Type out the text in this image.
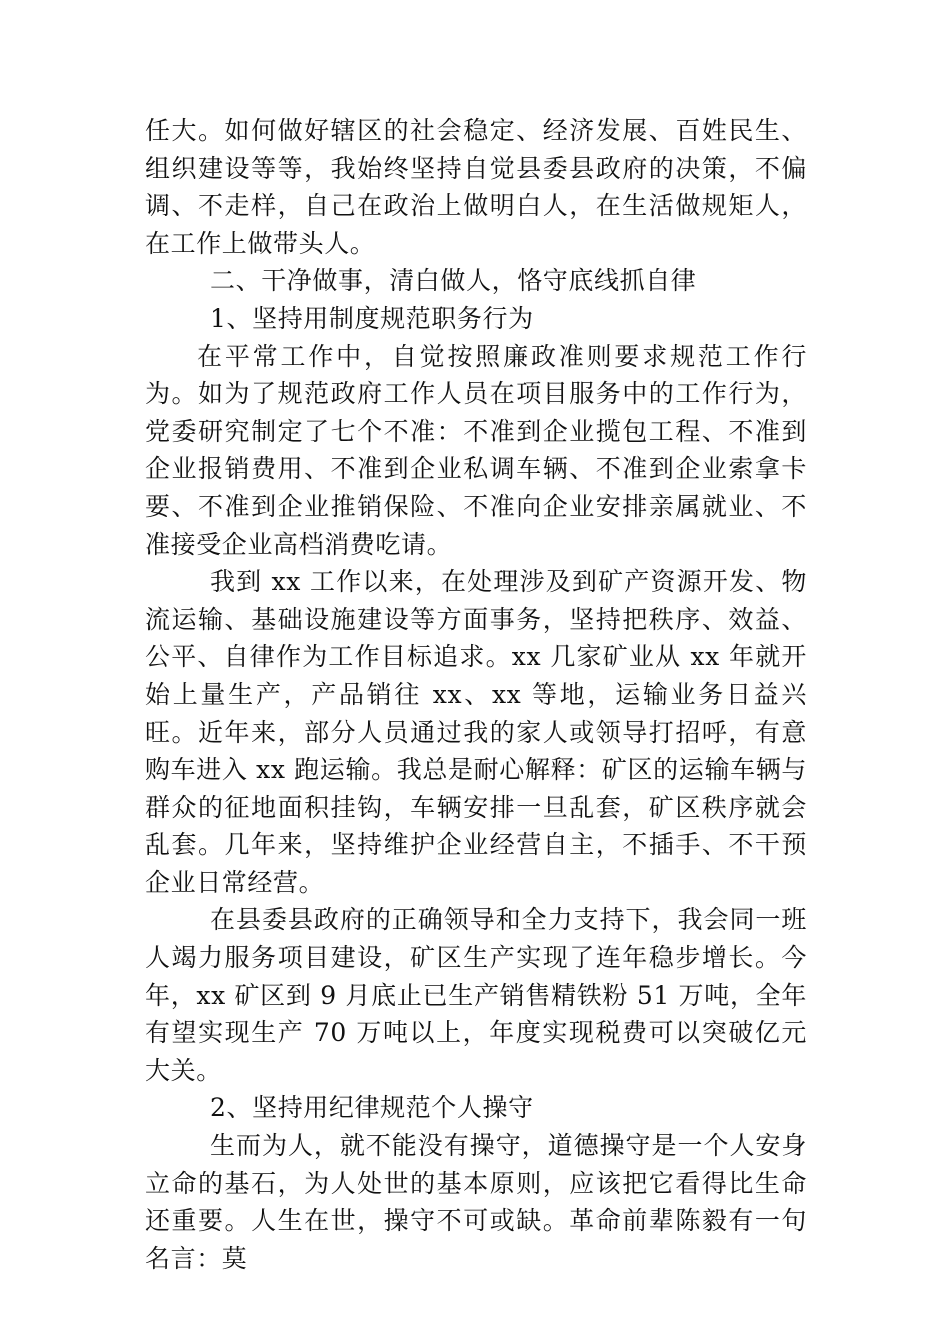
任大。如何做好辖区的社会稳定、经济发展、百姓民生、组织建设等等，我始终坚持自觉县委县政府的决策，不偏调、不走样，自己在政治上做明白人，在生活做规矩人，在工作上做带头人。

二、干净做事，清白做人，恪守底线抓自律

1、坚持用制度规范职务行为

在平常工作中，自觉按照廉政准则要求规范工作行为。如为了规范政府工作人员在项目服务中的工作行为，党委研究制定了七个不准：不准到企业揽包工程、不准到企业报销费用、不准到企业私调车辆、不准到企业索拿卡要、不准到企业推销保险、不准向企业安排亲属就业、不准接受企业高档消费吃请。

我到 xx 工作以来，在处理涉及到矿产资源开发、物流运输、基础设施建设等方面事务，坚持把秩序、效益、公平、自律作为工作目标追求。xx 几家矿业从 xx 年就开始上量生产，产品销往 xx、xx 等地，运输业务日益兴旺。近年来，部分人员通过我的家人或领导打招呼，有意购车进入 xx 跑运输。我总是耐心解释：矿区的运输车辆与群众的征地面积挂钩，车辆安排一旦乱套，矿区秩序就会乱套。几年来，坚持维护企业经营自主，不插手、不干预企业日常经营。

在县委县政府的正确领导和全力支持下，我会同一班人竭力服务项目建设，矿区生产实现了连年稳步增长。今年，xx 矿区到 9 月底止已生产销售精铁粉 51 万吨，全年有望实现生产 70 万吨以上，年度实现税费可以突破亿元大关。

2、坚持用纪律规范个人操守

生而为人，就不能没有操守，道德操守是一个人安身立命的基石，为人处世的基本原则，应该把它看得比生命还重要。人生在世，操守不可或缺。革命前辈陈毅有一句名言：莫
